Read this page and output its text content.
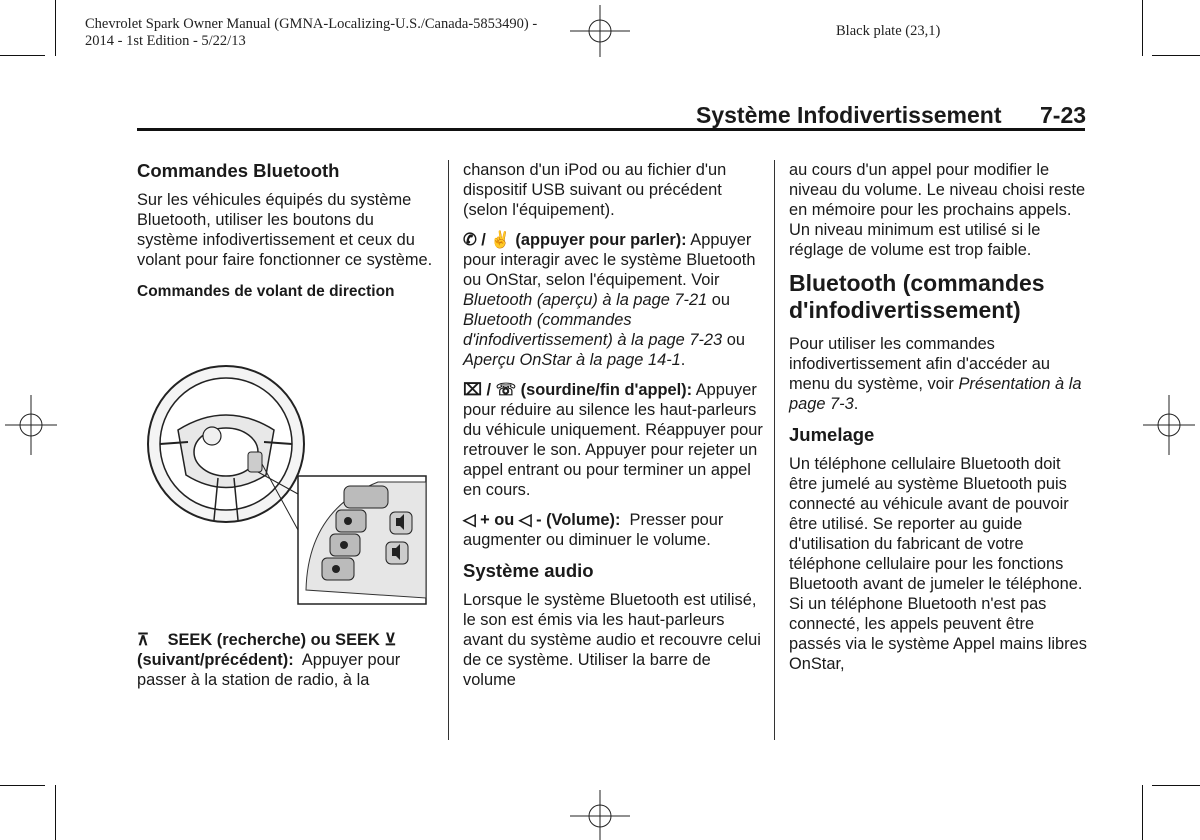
Chevrolet Spark Owner Manual (GMNA-Localizing-U.S./Canada-5853490) -
2014 - 1st Edition - 5/22/13
Black plate (23,1)
Système Infodivertissement 7-23
Commandes Bluetooth

Sur les véhicules équipés du système Bluetooth, utiliser les boutons du système infodivertissement et ceux du volant pour faire fonctionner ce système.

Commandes de volant de direction

⊼ SEEK (recherche) ou SEEK ⊻
(suivant/précédent): Appuyer pour passer à la station de radio, à la

chanson d'un iPod ou au fichier d'un dispositif USB suivant ou précédent (selon l'équipement).

✆ / ✌ (appuyer pour parler): Appuyer pour interagir avec le système Bluetooth ou OnStar, selon l'équipement. Voir Bluetooth (aperçu) à la page 7-21 ou Bluetooth (commandes d'infodivertissement) à la page 7-23 ou Aperçu OnStar à la page 14-1.

⌧ / ☏ (sourdine/fin d'appel): Appuyer pour réduire au silence les haut-parleurs du véhicule uniquement. Réappuyer pour retrouver le son. Appuyer pour rejeter un appel entrant ou pour terminer un appel en cours.

◁ + ou ◁ - (Volume): Presser pour augmenter ou diminuer le volume.

Système audio

Lorsque le système Bluetooth est utilisé, le son est émis via les haut-parleurs avant du système audio et recouvre celui de ce système. Utiliser la barre de volume

au cours d'un appel pour modifier le niveau du volume. Le niveau choisi reste en mémoire pour les prochains appels. Un niveau minimum est utilisé si le réglage de volume est trop faible.

Bluetooth (commandes d'infodivertissement)

Pour utiliser les commandes infodivertissement afin d'accéder au menu du système, voir Présentation à la page 7-3.

Jumelage

Un téléphone cellulaire Bluetooth doit être jumelé au système Bluetooth puis connecté au véhicule avant de pouvoir être utilisé. Se reporter au guide d'utilisation du fabricant de votre téléphone cellulaire pour les fonctions Bluetooth avant de jumeler le téléphone. Si un téléphone Bluetooth n'est pas connecté, les appels peuvent être passés via le système Appel mains libres OnStar,
